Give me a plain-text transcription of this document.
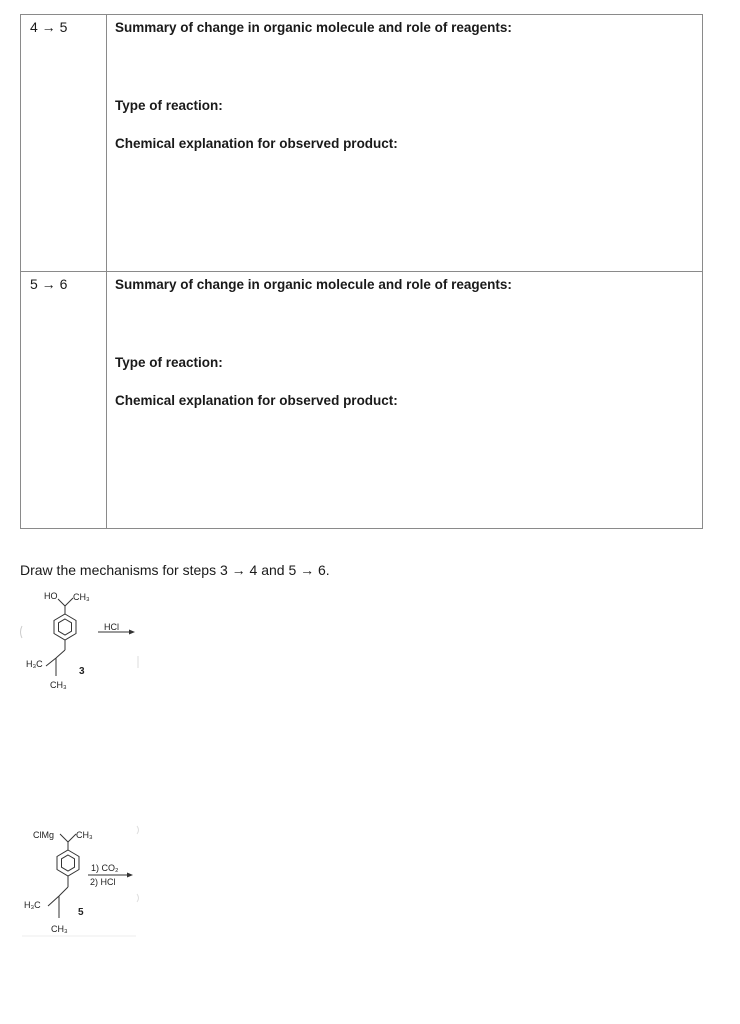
4 → 5	Summary of change in organic molecule and role of reagents:
Type of reaction:
Chemical explanation for observed product:

5 → 6	Summary of change in organic molecule and role of reagents:
Type of reaction:
Chemical explanation for observed product:
Draw the mechanisms for steps 3 → 4 and 5 → 6.
HO CH₃
H₃C
CH₃
3
HCl
ClMg CH₃
H₃C
CH₃
5
1) CO₂
2) HCl
